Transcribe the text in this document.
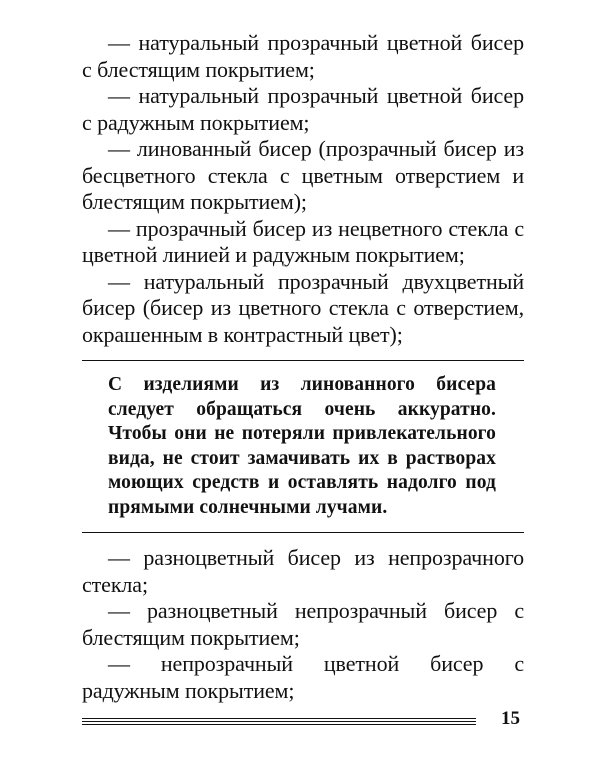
— натуральный прозрачный цветной бисер с блестящим покрытием;

— натуральный прозрачный цветной бисер с радужным покрытием;

— линованный бисер (прозрачный бисер из бесцветного стекла с цветным отверстием и блестящим покрытием);

— прозрачный бисер из нецветного стекла с цветной линией и радужным покрытием;

— натуральный прозрачный двухцветный бисер (бисер из цветного стекла с отверстием, окрашенным в контрастный цвет);

С изделиями из линованного бисера следует обращаться очень аккуратно. Чтобы они не потеряли привлекательного вида, не стоит замачивать их в растворах моющих средств и оставлять надолго под прямыми солнечными лучами.

— разноцветный бисер из непрозрачного стекла;

— разноцветный непрозрачный бисер с блестящим покрытием;

— непрозрачный цветной бисер с радужным покрытием;

15
